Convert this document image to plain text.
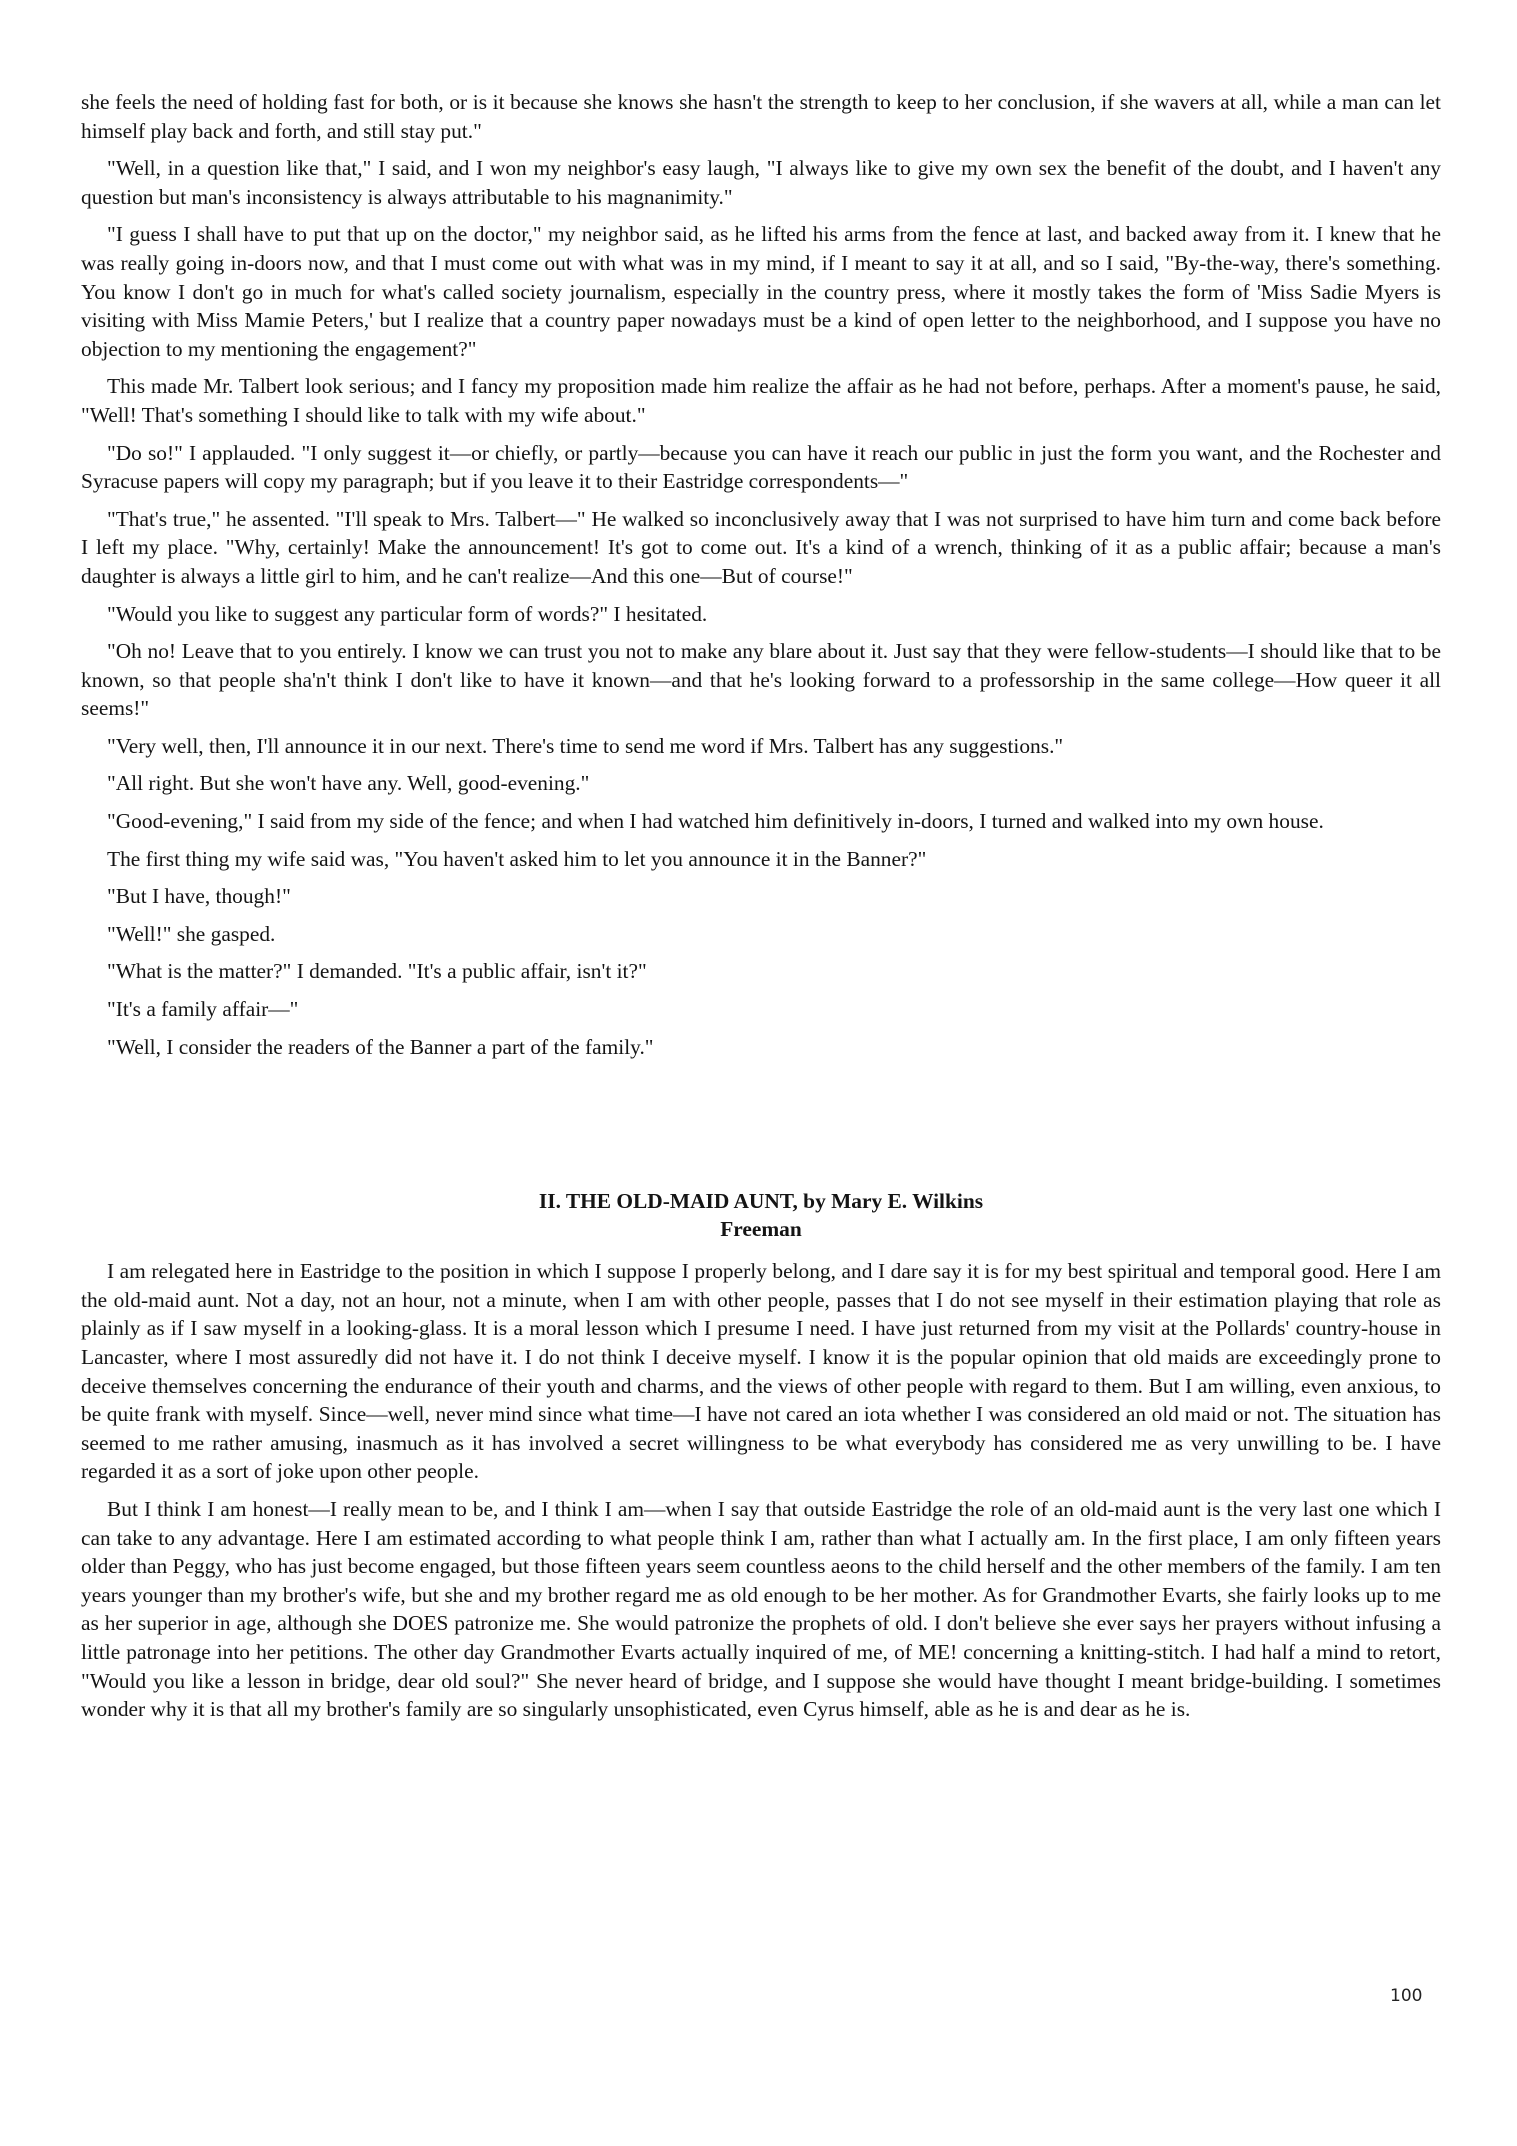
she feels the need of holding fast for both, or is it because she knows she hasn't the strength to keep to her conclusion, if she wavers at all, while a man can let himself play back and forth, and still stay put."

"Well, in a question like that," I said, and I won my neighbor's easy laugh, "I always like to give my own sex the benefit of the doubt, and I haven't any question but man's inconsistency is always attributable to his magnanimity."

"I guess I shall have to put that up on the doctor," my neighbor said, as he lifted his arms from the fence at last, and backed away from it. I knew that he was really going in-doors now, and that I must come out with what was in my mind, if I meant to say it at all, and so I said, "By-the-way, there's something. You know I don't go in much for what's called society journalism, especially in the country press, where it mostly takes the form of 'Miss Sadie Myers is visiting with Miss Mamie Peters,' but I realize that a country paper nowadays must be a kind of open letter to the neighborhood, and I suppose you have no objection to my mentioning the engagement?"

This made Mr. Talbert look serious; and I fancy my proposition made him realize the affair as he had not before, perhaps. After a moment's pause, he said, "Well! That's something I should like to talk with my wife about."

"Do so!" I applauded. "I only suggest it—or chiefly, or partly—because you can have it reach our public in just the form you want, and the Rochester and Syracuse papers will copy my paragraph; but if you leave it to their Eastridge correspondents—"

"That's true," he assented. "I'll speak to Mrs. Talbert—" He walked so inconclusively away that I was not surprised to have him turn and come back before I left my place. "Why, certainly! Make the announcement! It's got to come out. It's a kind of a wrench, thinking of it as a public affair; because a man's daughter is always a little girl to him, and he can't realize—And this one—But of course!"

"Would you like to suggest any particular form of words?" I hesitated.

"Oh no! Leave that to you entirely. I know we can trust you not to make any blare about it. Just say that they were fellow-students—I should like that to be known, so that people sha'n't think I don't like to have it known—and that he's looking forward to a professorship in the same college—How queer it all seems!"

"Very well, then, I'll announce it in our next. There's time to send me word if Mrs. Talbert has any suggestions."

"All right. But she won't have any. Well, good-evening."

"Good-evening," I said from my side of the fence; and when I had watched him definitively in-doors, I turned and walked into my own house.

The first thing my wife said was, "You haven't asked him to let you announce it in the Banner?"

"But I have, though!"

"Well!" she gasped.

"What is the matter?" I demanded. "It's a public affair, isn't it?"

"It's a family affair—"

"Well, I consider the readers of the Banner a part of the family."

II. THE OLD-MAID AUNT, by Mary E. Wilkins
Freeman

I am relegated here in Eastridge to the position in which I suppose I properly belong, and I dare say it is for my best spiritual and temporal good. Here I am the old-maid aunt. Not a day, not an hour, not a minute, when I am with other people, passes that I do not see myself in their estimation playing that role as plainly as if I saw myself in a looking-glass. It is a moral lesson which I presume I need. I have just returned from my visit at the Pollards' country-house in Lancaster, where I most assuredly did not have it. I do not think I deceive myself. I know it is the popular opinion that old maids are exceedingly prone to deceive themselves concerning the endurance of their youth and charms, and the views of other people with regard to them. But I am willing, even anxious, to be quite frank with myself. Since—well, never mind since what time—I have not cared an iota whether I was considered an old maid or not. The situation has seemed to me rather amusing, inasmuch as it has involved a secret willingness to be what everybody has considered me as very unwilling to be. I have regarded it as a sort of joke upon other people.

But I think I am honest—I really mean to be, and I think I am—when I say that outside Eastridge the role of an old-maid aunt is the very last one which I can take to any advantage. Here I am estimated according to what people think I am, rather than what I actually am. In the first place, I am only fifteen years older than Peggy, who has just become engaged, but those fifteen years seem countless aeons to the child herself and the other members of the family. I am ten years younger than my brother's wife, but she and my brother regard me as old enough to be her mother. As for Grandmother Evarts, she fairly looks up to me as her superior in age, although she DOES patronize me. She would patronize the prophets of old. I don't believe she ever says her prayers without infusing a little patronage into her petitions. The other day Grandmother Evarts actually inquired of me, of ME! concerning a knitting-stitch. I had half a mind to retort, "Would you like a lesson in bridge, dear old soul?" She never heard of bridge, and I suppose she would have thought I meant bridge-building. I sometimes wonder why it is that all my brother's family are so singularly unsophisticated, even Cyrus himself, able as he is and dear as he is.

100
